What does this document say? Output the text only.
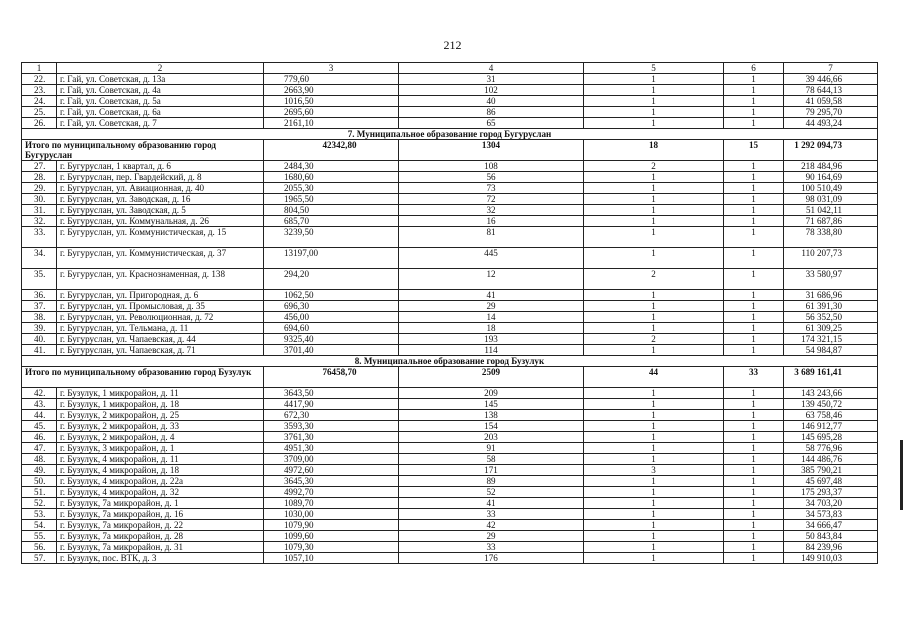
212
1	2	3	4	5	6	7
22.	г. Гай, ул. Советская, д. 13а	779,60	31	1	1	39 446,66
23.	г. Гай, ул. Советская, д. 4а	2663,90	102	1	1	78 644,13
24.	г. Гай, ул. Советская, д. 5а	1016,50	40	1	1	41 059,58
25.	г. Гай, ул. Советская, д. 6а	2695,60	86	1	1	79 295,70
26.	г. Гай, ул. Советская, д. 7	2161,10	65	1	1	44 493,24
7. Муниципальное образование город Бугуруслан						
Итого по муниципальному образованию город Бугуруслан		42342,80	1304	18	15	1 292 094,73
27.	г. Бугуруслан, 1 квартал, д. 6	2484,30	108	2	1	218 484,96
28.	г. Бугуруслан, пер. Гвардейский, д. 8	1680,60	56	1	1	90 164,69
29.	г. Бугуруслан, ул. Авиационная, д. 40	2055,30	73	1	1	100 510,49
30.	г. Бугуруслан, ул. Заводская, д. 16	1965,50	72	1	1	98 031,09
31.	г. Бугуруслан, ул. Заводская, д. 5	804,50	32	1	1	51 042,11
32.	г. Бугуруслан, ул. Коммунальная, д. 26	685,70	16	1	1	71 687,86
33.	г. Бугуруслан, ул. Коммунистическая, д. 15	3239,50	81	1	1	78 338,80
34.	г. Бугуруслан, ул. Коммунистическая, д. 37	13197,00	445	1	1	110 207,73
35.	г. Бугуруслан, ул. Краснознаменная, д. 138	294,20	12	2	1	33 580,97
36.	г. Бугуруслан, ул. Пригородная, д. 6	1062,50	41	1	1	31 686,96
37.	г. Бугуруслан, ул. Промысловая, д. 35	696,30	29	1	1	61 391,30
38.	г. Бугуруслан, ул. Революционная, д. 72	456,00	14	1	1	56 352,50
39.	г. Бугуруслан, ул. Тельмана, д. 11	694,60	18	1	1	61 309,25
40.	г. Бугуруслан, ул. Чапаевская, д. 44	9325,40	193	2	1	174 321,15
41.	г. Бугуруслан, ул. Чапаевская, д. 71	3701,40	114	1	1	54 984,87
8. Муниципальное образование город Бузулук						
Итого по муниципальному образованию город Бузулук		76458,70	2509	44	33	3 689 161,41
42.	г. Бузулук, 1 микрорайон, д. 11	3643,50	209	1	1	143 243,66
43.	г. Бузулук, 1 микрорайон, д. 18	4417,90	145	1	1	139 450,72
44.	г. Бузулук, 2 микрорайон, д. 25	672,30	138	1	1	63 758,46
45.	г. Бузулук, 2 микрорайон, д. 33	3593,30	154	1	1	146 912,77
46.	г. Бузулук, 2 микрорайон, д. 4	3761,30	203	1	1	145 695,28
47.	г. Бузулук, 3 микрорайон, д. 1	4951,30	91	1	1	58 776,96
48.	г. Бузулук, 4 микрорайон, д. 11	3709,00	58	1	1	144 486,76
49.	г. Бузулук, 4 микрорайон, д. 18	4972,60	171	3	1	385 790,21
50.	г. Бузулук, 4 микрорайон, д. 22а	3645,30	89	1	1	45 697,48
51.	г. Бузулук, 4 микрорайон, д. 32	4992,70	52	1	1	175 293,37
52.	г. Бузулук, 7а микрорайон, д. 1	1089,70	41	1	1	34 703,20
53.	г. Бузулук, 7а микрорайон, д. 16	1030,00	33	1	1	34 573,83
54.	г. Бузулук, 7а микрорайон, д. 22	1079,90	42	1	1	34 666,47
55.	г. Бузулук, 7а микрорайон, д. 28	1099,60	29	1	1	50 843,84
56.	г. Бузулук, 7а микрорайон, д. 31	1079,30	33	1	1	84 239,96
57.	г. Бузулук, пос. ВТК, д. 3	1057,10	176	1	1	149 910,03
